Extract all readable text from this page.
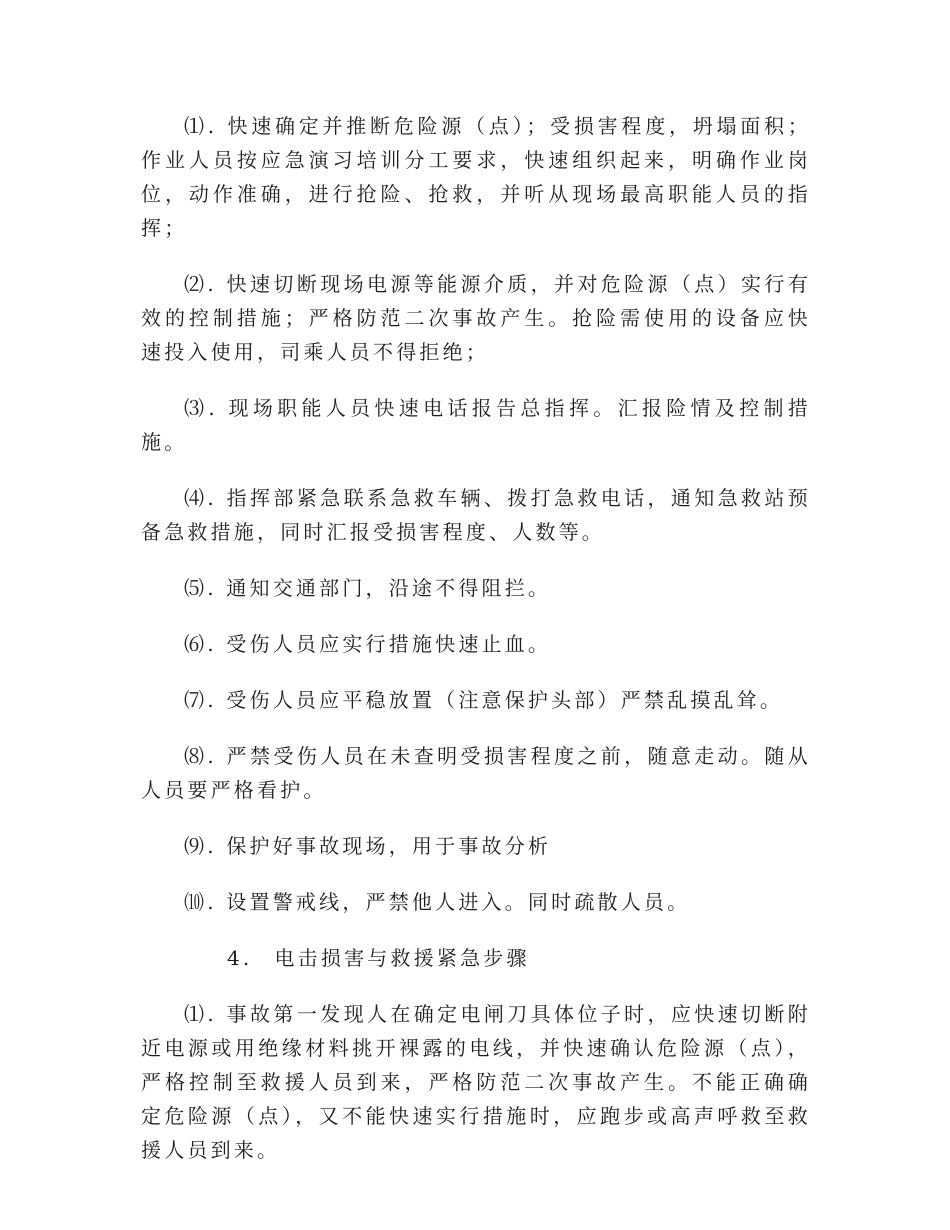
⑴. 快速确定并推断危险源（点）；受损害程度，坍塌面积；作业人员按应急演习培训分工要求，快速组织起来，明确作业岗位，动作准确，进行抢险、抢救，并听从现场最高职能人员的指挥；

⑵. 快速切断现场电源等能源介质，并对危险源（点）实行有效的控制措施；严格防范二次事故产生。抢险需使用的设备应快速投入使用，司乘人员不得拒绝；

⑶. 现场职能人员快速电话报告总指挥。汇报险情及控制措施。

⑷. 指挥部紧急联系急救车辆、拨打急救电话，通知急救站预备急救措施，同时汇报受损害程度、人数等。

⑸. 通知交通部门，沿途不得阻拦。

⑹. 受伤人员应实行措施快速止血。

⑺. 受伤人员应平稳放置（注意保护头部）严禁乱摸乱耸。

⑻. 严禁受伤人员在未查明受损害程度之前，随意走动。随从人员要严格看护。

⑼. 保护好事故现场，用于事故分析

⑽. 设置警戒线，严禁他人进入。同时疏散人员。

4. 电击损害与救援紧急步骤

⑴. 事故第一发现人在确定电闸刀具体位子时，应快速切断附近电源或用绝缘材料挑开裸露的电线，并快速确认危险源（点），严格控制至救援人员到来，严格防范二次事故产生。不能正确确定危险源（点），又不能快速实行措施时，应跑步或高声呼救至救援人员到来。
